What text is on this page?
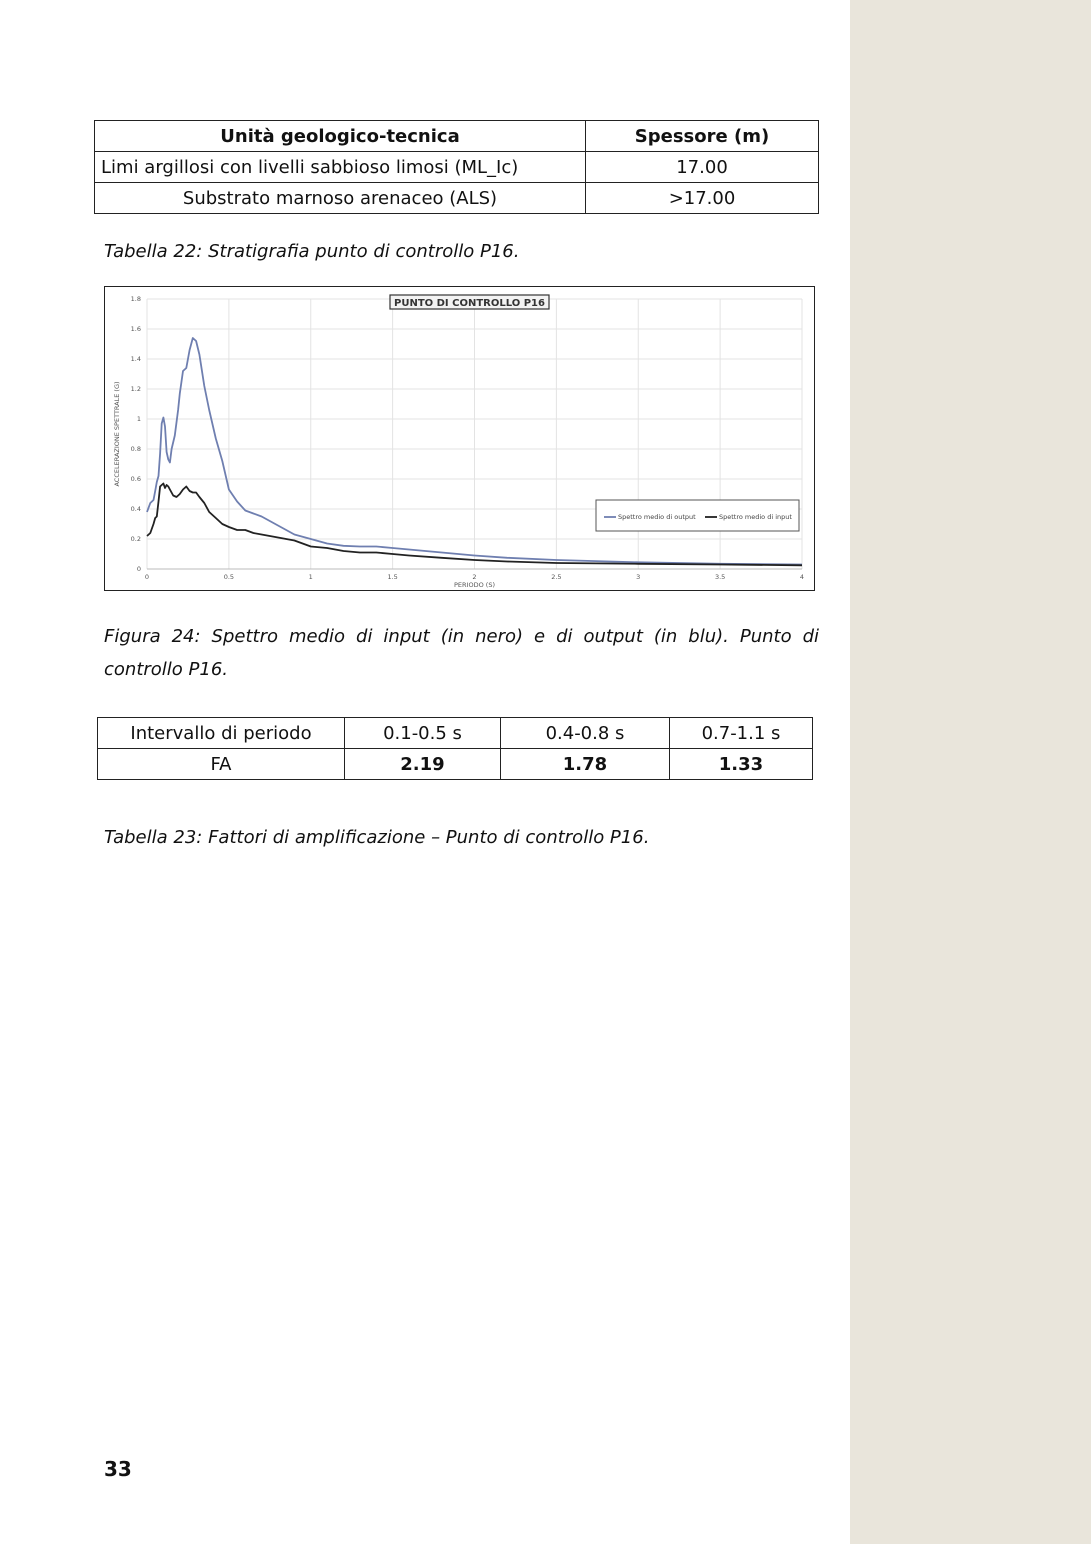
Unità geologico-tecnica	Spessore (m)
Limi argillosi con livelli sabbioso limosi (ML_Ic)	17.00
Substrato marnoso arenaceo (ALS)	>17.00
Tabella 22: Stratigrafia punto di controllo P16.
0	0.5	1	1.5	2	2.5	3	3.5	4
0
0.2
0.4
0.6
0.8
1
1.2
1.4
1.6
1.8
PERIODO (S)
ACCELERAZIONE SPETTRALE (G)
PUNTO DI CONTROLLO P16
Spettro medio di output	Spettro medio di input
Figura 24: Spettro medio di input (in nero) e di output (in blu). Punto di controllo P16.
Intervallo di periodo	0.1-0.5 s	0.4-0.8 s	0.7-1.1 s
FA	2.19	1.78	1.33
Tabella 23: Fattori di amplificazione – Punto di controllo P16.
33
